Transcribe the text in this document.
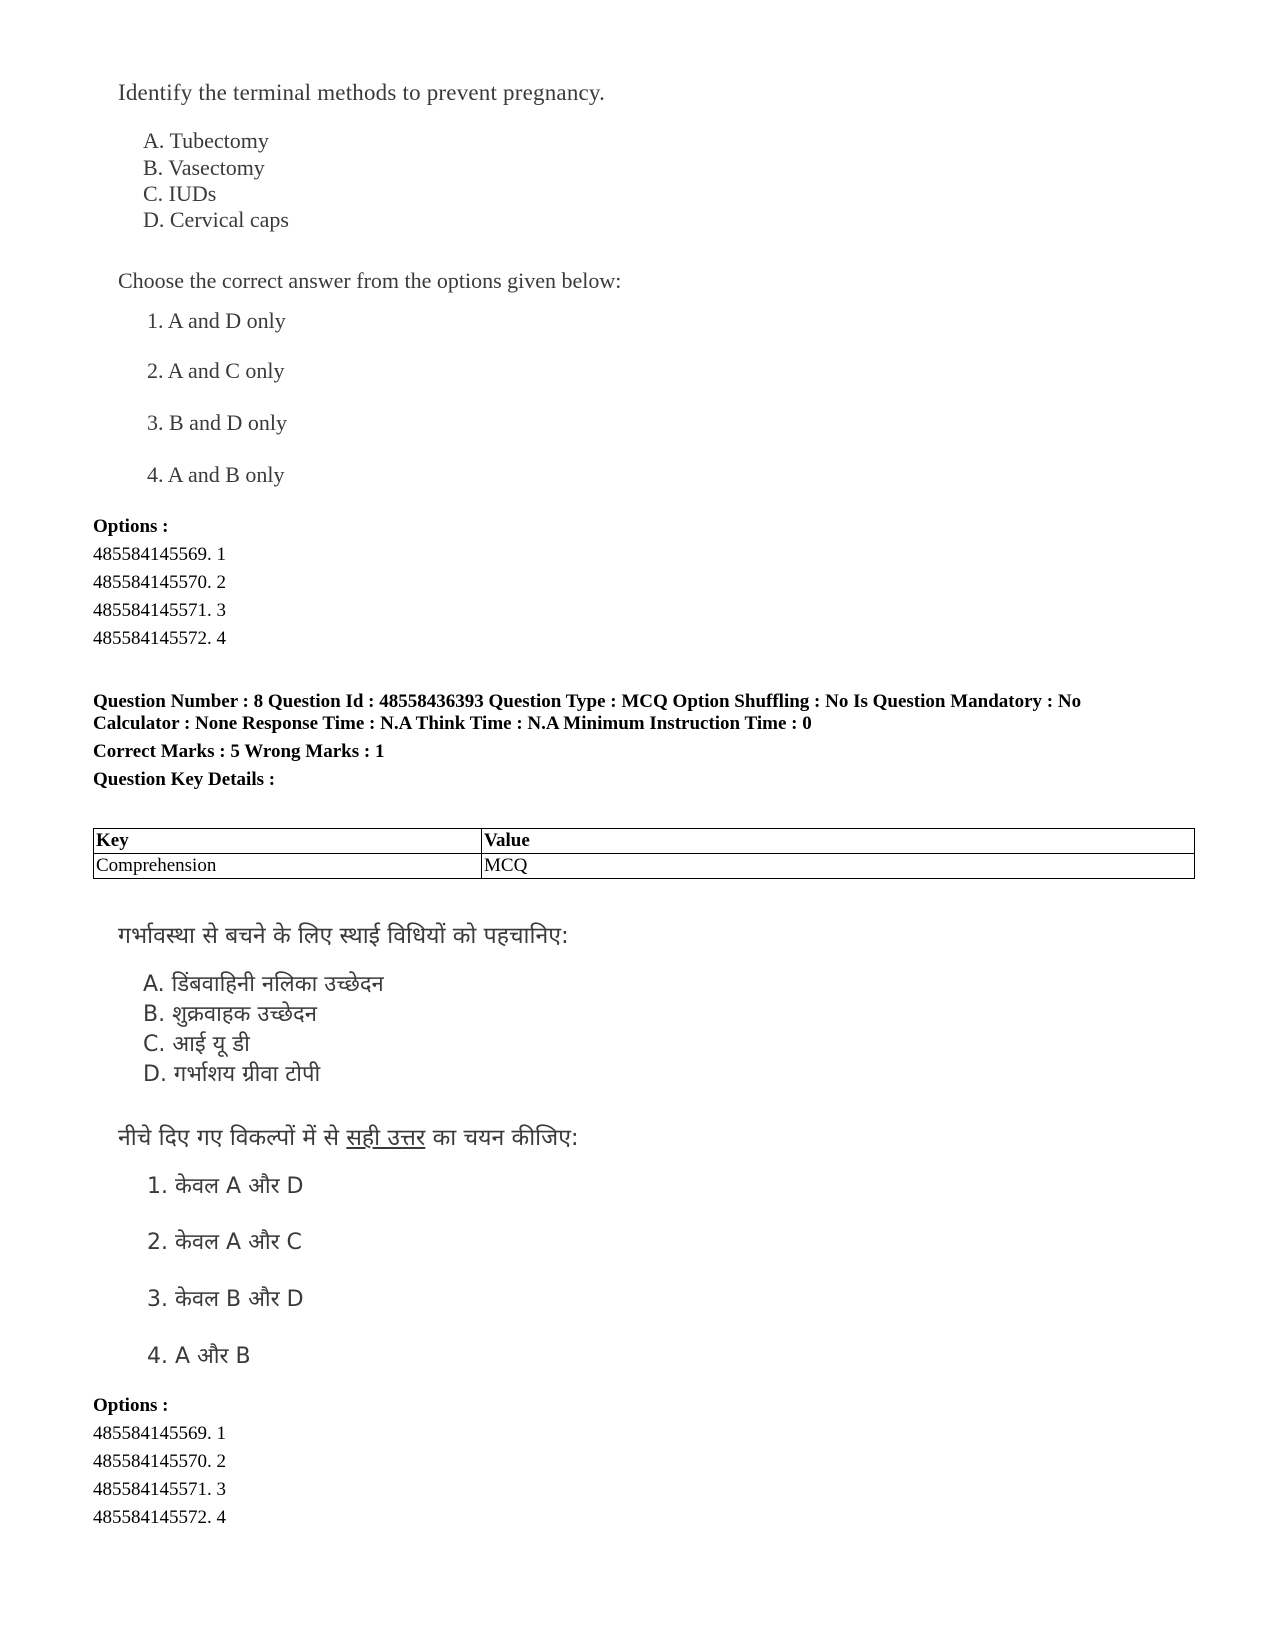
Identify the terminal methods to prevent pregnancy.
A. Tubectomy
B. Vasectomy
C. IUDs
D. Cervical caps
Choose the correct answer from the options given below:
1. A and D only
2. A and C only
3. B and D only
4. A and B only
Options :
485584145569. 1
485584145570. 2
485584145571. 3
485584145572. 4
Question Number : 8 Question Id : 48558436393 Question Type : MCQ Option Shuffling : No Is Question Mandatory : No
Calculator : None Response Time : N.A Think Time : N.A Minimum Instruction Time : 0
Correct Marks : 5 Wrong Marks : 1
Question Key Details :
Key	Value
Comprehension	MCQ
गर्भावस्था से बचने के लिए स्थाई विधियों को पहचानिए:
A. डिंबवाहिनी नलिका उच्छेदन
B. शुक्रवाहक उच्छेदन
C. आई यू डी
D. गर्भाशय ग्रीवा टोपी
नीचे दिए गए विकल्पों में से सही उत्तर का चयन कीजिए:
1. केवल A और D
2. केवल A और C
3. केवल B और D
4. A और B
Options :
485584145569. 1
485584145570. 2
485584145571. 3
485584145572. 4
